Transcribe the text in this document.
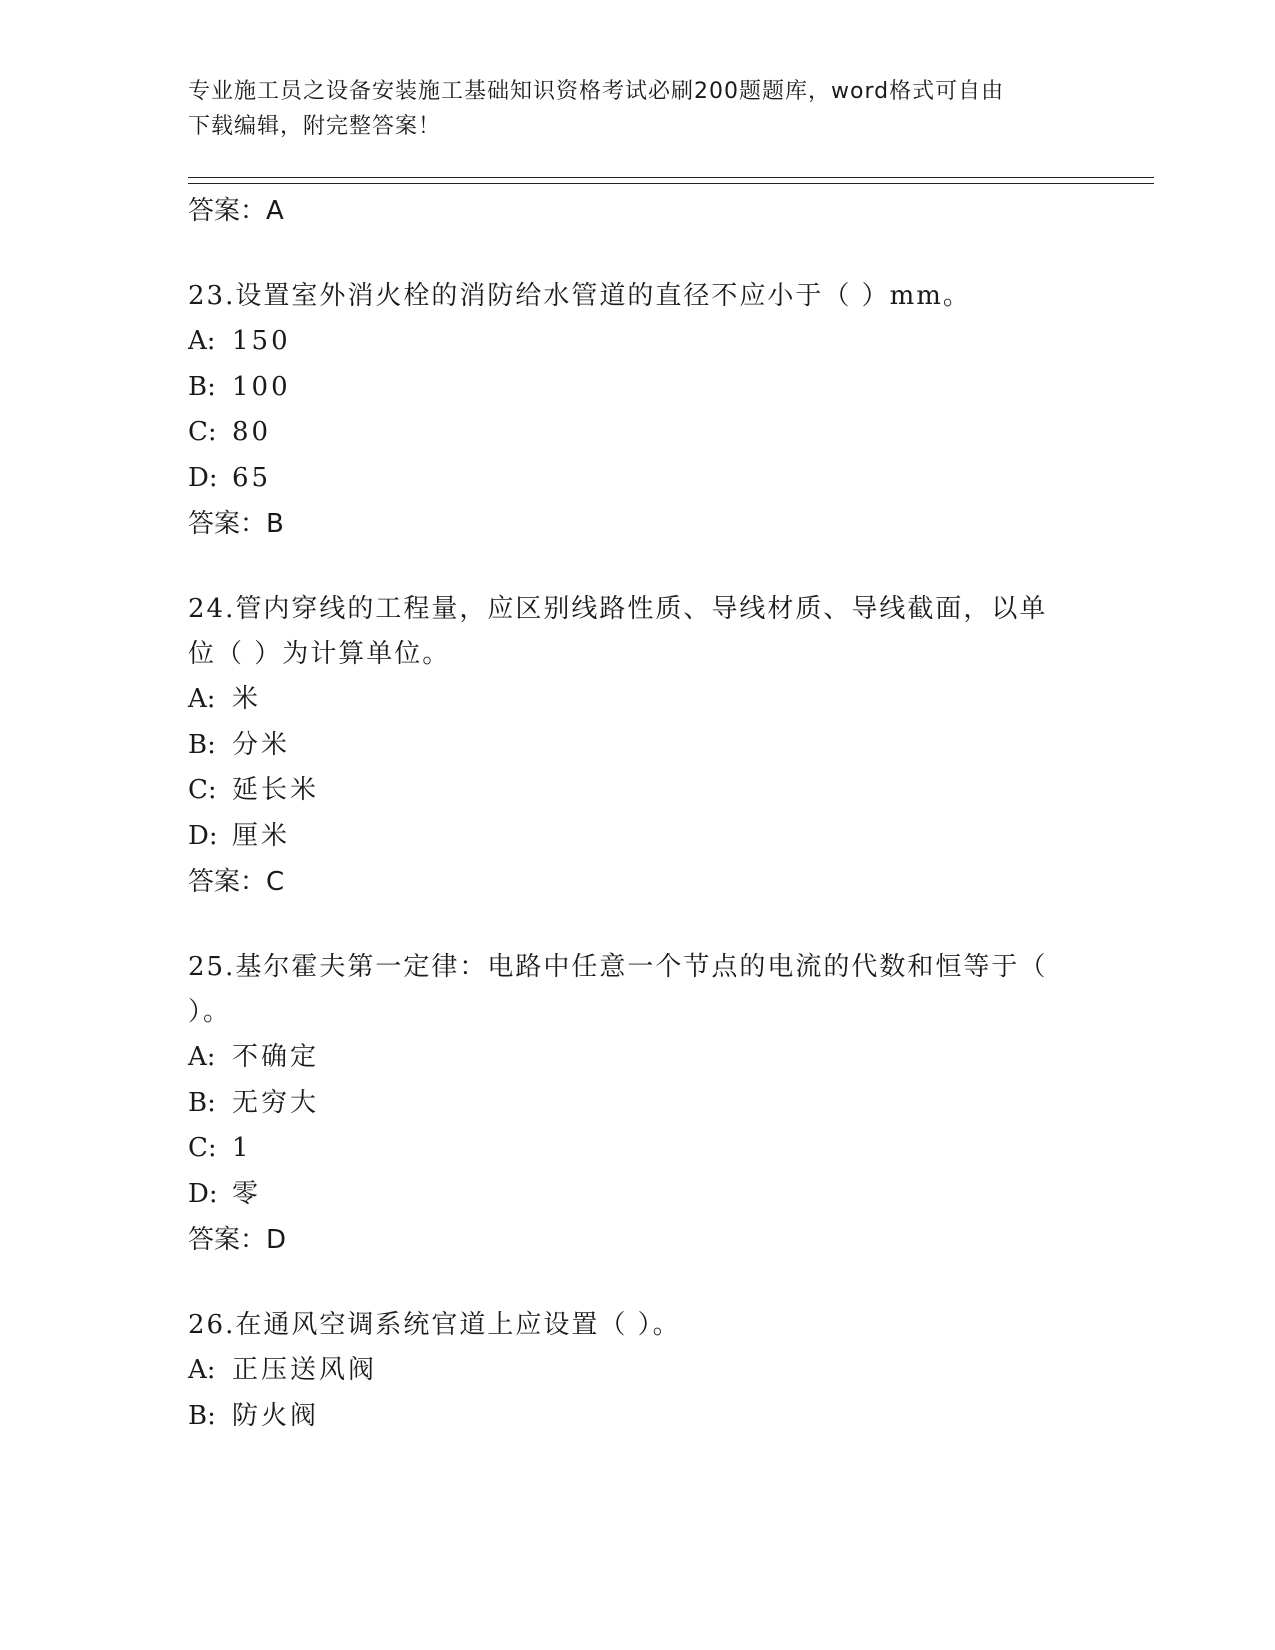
专业施工员之设备安装施工基础知识资格考试必刷200题题库，word格式可自由
下载编辑，附完整答案！
答案： A
23.设置室外消火栓的消防给水管道的直径不应小于（ ）mm。
A: 150
B: 100
C: 80
D: 65
答案： B
24.管内穿线的工程量，应区别线路性质、导线材质、导线截面，以单
位（ ）为计算单位。
A: 米
B: 分米
C: 延长米
D: 厘米
答案： C
25.基尔霍夫第一定律：电路中任意一个节点的电流的代数和恒等于（
）。
A: 不确定
B: 无穷大
C: 1
D: 零
答案： D
26.在通风空调系统官道上应设置（ ）。
A: 正压送风阀
B: 防火阀
